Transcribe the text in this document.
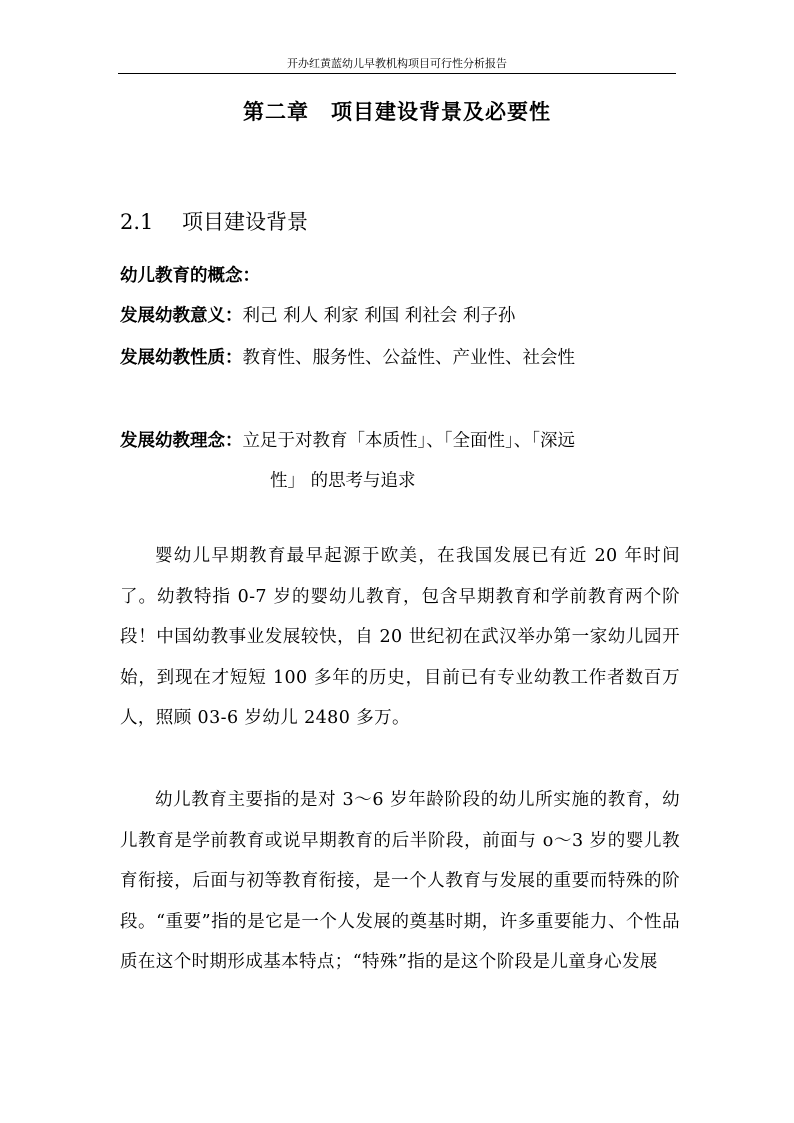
开办红黄蓝幼儿早教机构项目可行性分析报告
第二章　项目建设背景及必要性
2.1 项目建设背景
幼儿教育的概念：
发展幼教意义：利己 利人 利家 利国 利社会 利子孙
发展幼教性质：教育性、服务性、公益性、产业性、社会性
发展幼教理念：立足于对教育「本质性」、「全面性」、「深远
性」 的思考与追求

婴幼儿早期教育最早起源于欧美，在我国发展已有近 20 年时间了。幼教特指 0-7 岁的婴幼儿教育，包含早期教育和学前教育两个阶段！中国幼教事业发展较快，自 20 世纪初在武汉举办第一家幼儿园开始，到现在才短短 100 多年的历史，目前已有专业幼教工作者数百万人，照顾 03-6 岁幼儿 2480 多万。

幼儿教育主要指的是对 3～6 岁年龄阶段的幼儿所实施的教育，幼儿教育是学前教育或说早期教育的后半阶段，前面与 o～3 岁的婴儿教育衔接，后面与初等教育衔接，是一个人教育与发展的重要而特殊的阶段。“重要”指的是它是一个人发展的奠基时期，许多重要能力、个性品质在这个时期形成基本特点；“特殊”指的是这个阶段是儿童身心发展
